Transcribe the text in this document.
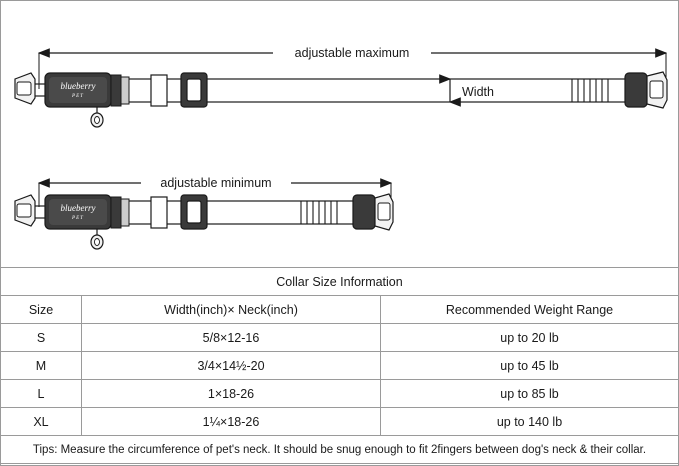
adjustable maximum
blueberry
PET	Width
adjustable minimum
blueberry
PET
Collar Size Information		
Size	Width(inch)× Neck(inch)	Recommended Weight Range
S	5/8×12-16	up to 20 lb
M	3/4×14½-20	up to 45 lb
L	1×18-26	up to 85 lb
XL	1¼×18-26	up to 140 lb
Tips: Measure the circumference of pet's neck. It should be snug enough to fit 2fingers between dog's neck & their collar.		
